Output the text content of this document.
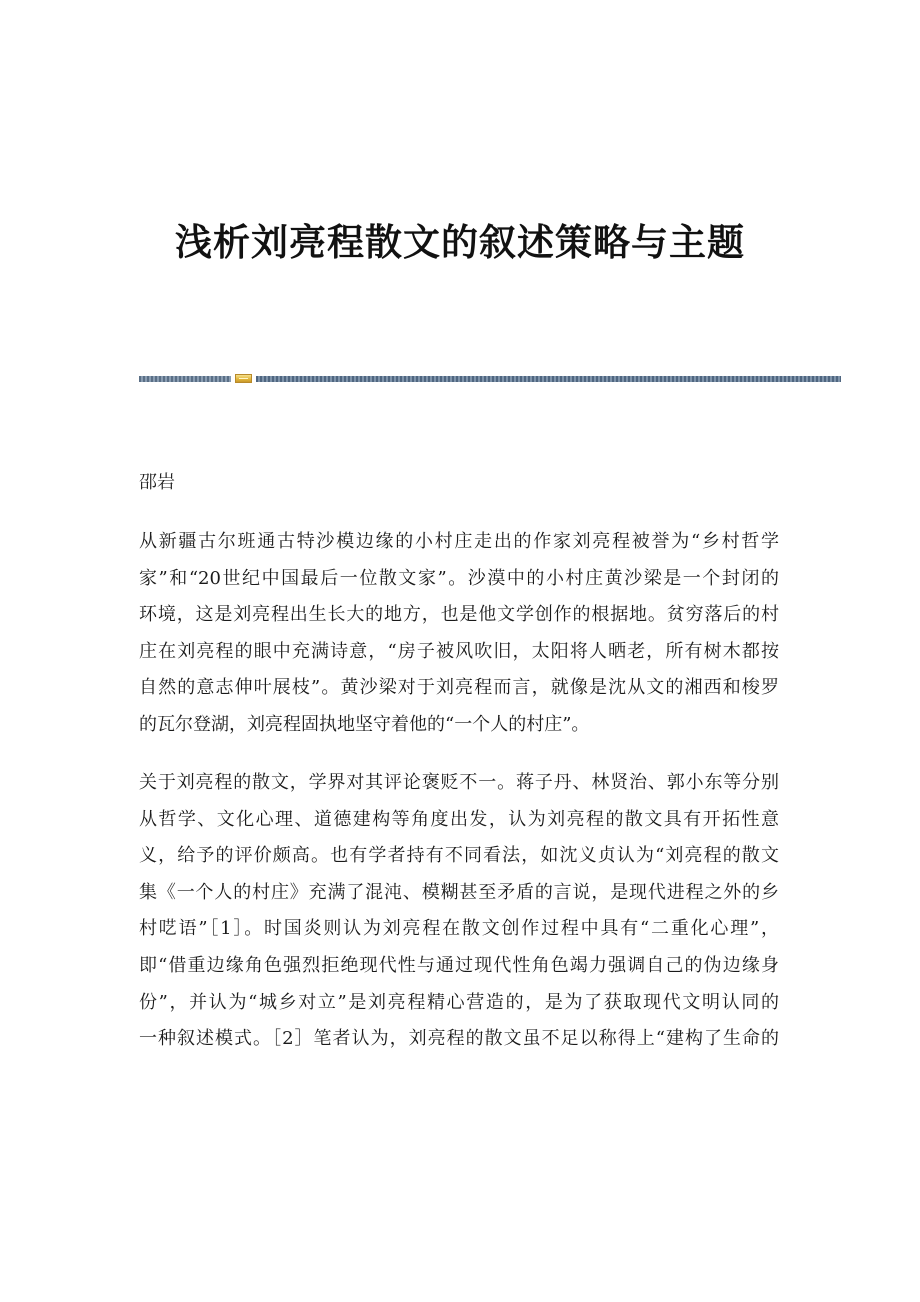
浅析刘亮程散文的叙述策略与主题
邵岩
从新疆古尔班通古特沙模边缘的小村庄走出的作家刘亮程被誉为“乡村哲学
家”和“20世纪中国最后一位散文家”。沙漠中的小村庄黄沙梁是一个封闭的
环境，这是刘亮程出生长大的地方，也是他文学创作的根据地。贫穷落后的村
庄在刘亮程的眼中充满诗意，“房子被风吹旧，太阳将人晒老，所有树木都按
自然的意志伸叶展枝”。黄沙梁对于刘亮程而言，就像是沈从文的湘西和梭罗
的瓦尔登湖，刘亮程固执地坚守着他的“一个人的村庄”。
关于刘亮程的散文，学界对其评论褒贬不一。蒋子丹、林贤治、郭小东等分别
从哲学、文化心理、道德建构等角度出发，认为刘亮程的散文具有开拓性意
义，给予的评价颇高。也有学者持有不同看法，如沈义贞认为“刘亮程的散文
集《一个人的村庄》充满了混沌、模糊甚至矛盾的言说，是现代进程之外的乡
村呓语”［1］。时国炎则认为刘亮程在散文创作过程中具有“二重化心理”，
即“借重边缘角色强烈拒绝现代性与通过现代性角色竭力强调自己的伪边缘身
份”，并认为“城乡对立”是刘亮程精心营造的，是为了获取现代文明认同的
一种叙述模式。［2］笔者认为，刘亮程的散文虽不足以称得上“建构了生命的
